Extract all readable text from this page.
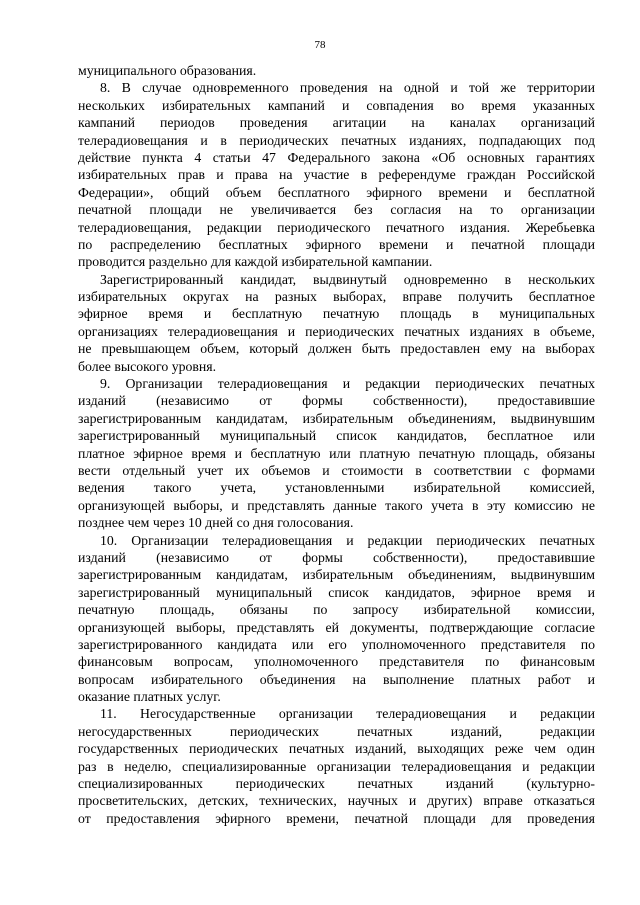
78
муниципального образования.
8. В случае одновременного проведения на одной и той же территории
нескольких избирательных кампаний и совпадения во время указанных
кампаний периодов проведения агитации на каналах организаций
телерадиовещания и в периодических печатных изданиях, подпадающих под
действие пункта 4 статьи 47 Федерального закона «Об основных гарантиях
избирательных прав и права на участие в референдуме граждан Российской
Федерации», общий объем бесплатного эфирного времени и бесплатной
печатной площади не увеличивается без согласия на то организации
телерадиовещания, редакции периодического печатного издания. Жеребьевка
по распределению бесплатных эфирного времени и печатной площади
проводится раздельно для каждой избирательной кампании.
Зарегистрированный кандидат, выдвинутый одновременно в нескольких
избирательных округах на разных выборах, вправе получить бесплатное
эфирное время и бесплатную печатную площадь в муниципальных
организациях телерадиовещания и периодических печатных изданиях в объеме,
не превышающем объем, который должен быть предоставлен ему на выборах
более высокого уровня.
9. Организации телерадиовещания и редакции периодических печатных
изданий (независимо от формы собственности), предоставившие
зарегистрированным кандидатам, избирательным объединениям, выдвинувшим
зарегистрированный муниципальный список кандидатов, бесплатное или
платное эфирное время и бесплатную или платную печатную площадь, обязаны
вести отдельный учет их объемов и стоимости в соответствии с формами
ведения такого учета, установленными избирательной комиссией,
организующей выборы, и представлять данные такого учета в эту комиссию не
позднее чем через 10 дней со дня голосования.
10. Организации телерадиовещания и редакции периодических печатных
изданий (независимо от формы собственности), предоставившие
зарегистрированным кандидатам, избирательным объединениям, выдвинувшим
зарегистрированный муниципальный список кандидатов, эфирное время и
печатную площадь, обязаны по запросу избирательной комиссии,
организующей выборы, представлять ей документы, подтверждающие согласие
зарегистрированного кандидата или его уполномоченного представителя по
финансовым вопросам, уполномоченного представителя по финансовым
вопросам избирательного объединения на выполнение платных работ и
оказание платных услуг.
11. Негосударственные организации телерадиовещания и редакции
негосударственных периодических печатных изданий, редакции
государственных периодических печатных изданий, выходящих реже чем один
раз в неделю, специализированные организации телерадиовещания и редакции
специализированных периодических печатных изданий (культурно-
просветительских, детских, технических, научных и других) вправе отказаться
от предоставления эфирного времени, печатной площади для проведения
